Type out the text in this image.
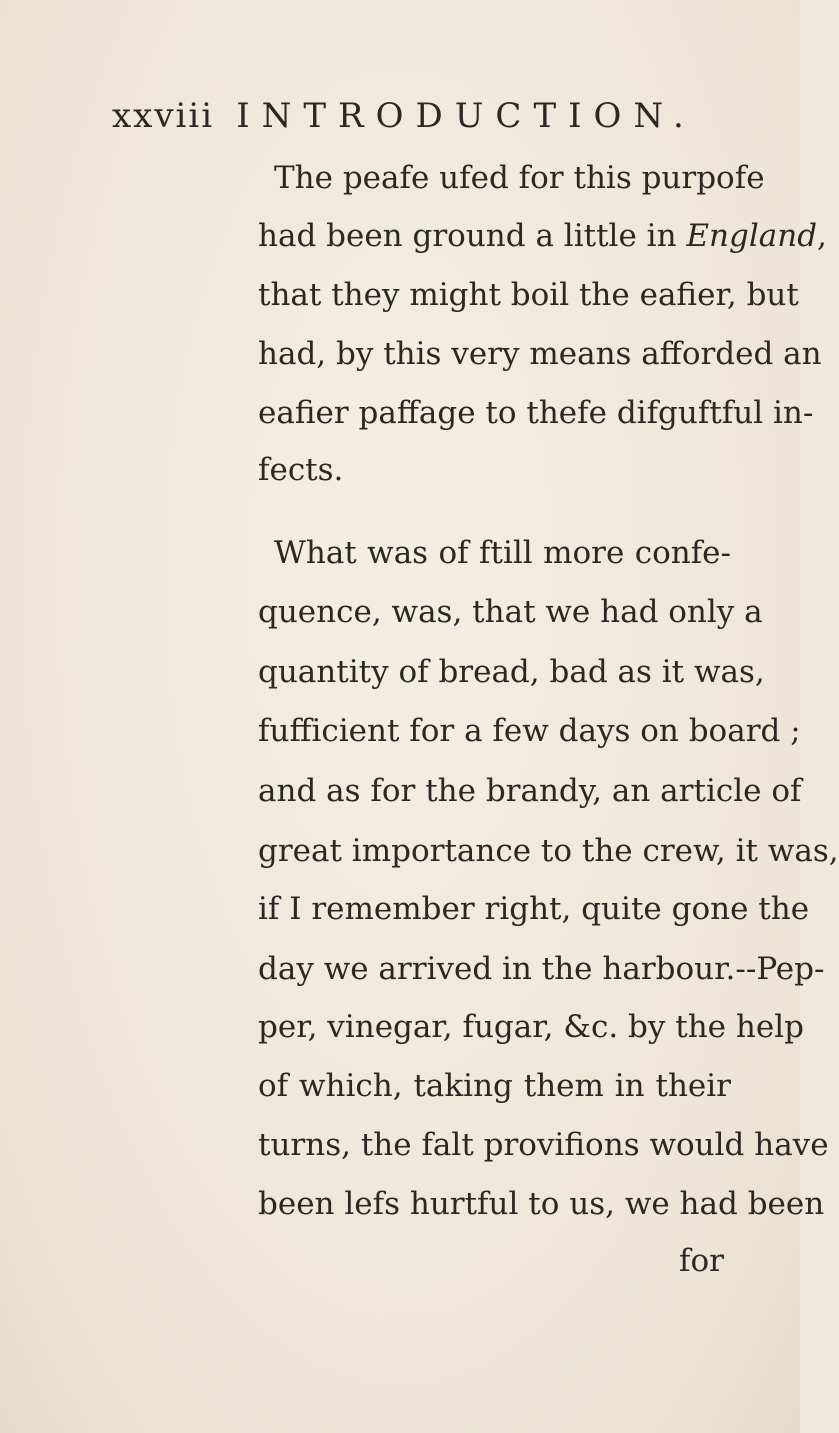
xxviii INTRODUCTION.
The peafe ufed for this purpofe
had been ground a little in England,
that they might boil the eafier, but
had, by this very means afforded an
eafier paffage to thefe difguftful in-
fects.
What was of ftill more confe-
quence, was, that we had only a
quantity of bread, bad as it was,
fufficient for a few days on board ;
and as for the brandy, an article of
great importance to the crew, it was,
if I remember right, quite gone the
day we arrived in the harbour.--Pep-
per, vinegar, fugar, &c. by the help
of which, taking them in their
turns, the falt provifions would have
been lefs hurtful to us, we had been
for
